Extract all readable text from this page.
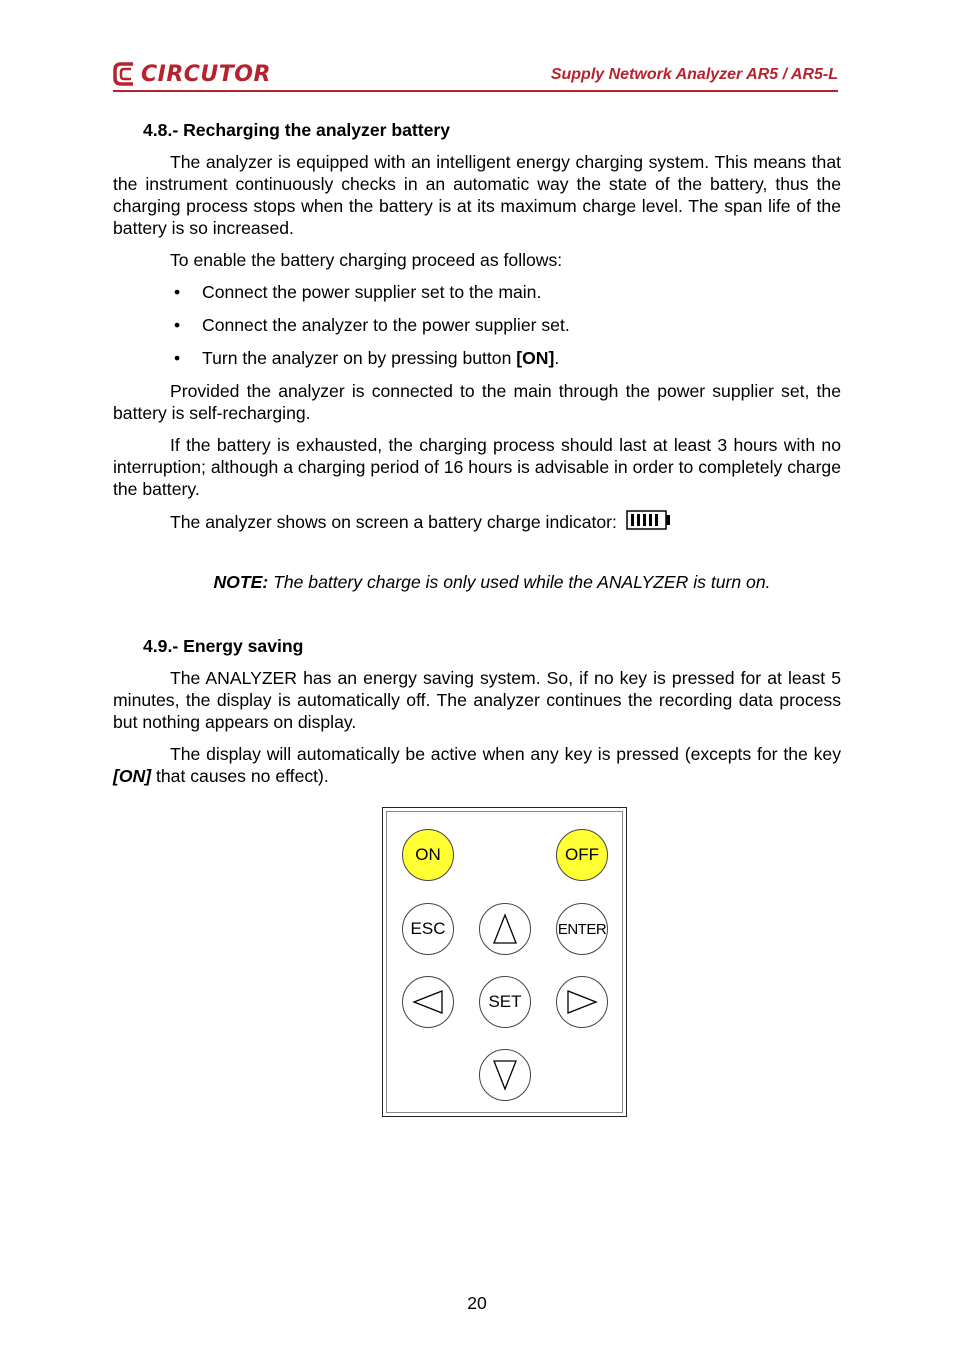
CIRCUTOR	Supply Network Analyzer AR5 / AR5-L
4.8.- Recharging the analyzer battery

The analyzer is equipped with an intelligent energy charging system. This means that the instrument continuously checks in an automatic way the state of the battery, thus the charging process stops when the battery is at its maximum charge level. The span life of the battery is so increased.

To enable the battery charging proceed as follows:

• Connect the power supplier set to the main.
• Connect the analyzer to the power supplier set.
• Turn the analyzer on by pressing button [ON].

Provided the analyzer is connected to the main through the power supplier set, the battery is self-recharging.

If the battery is exhausted, the charging process should last at least 3 hours with no interruption; although a charging period of 16 hours is advisable in order to completely charge the battery.

The analyzer shows on screen a battery charge indicator:

NOTE: The battery charge is only used while the ANALYZER is turn on.

4.9.- Energy saving

The ANALYZER has an energy saving system. So, if no key is pressed for at least 5 minutes, the display is automatically off. The analyzer continues the recording data process but nothing appears on display.

The display will automatically be active when any key is pressed (excepts for the key [ON] that causes no effect).

ON	OFF
ESC	ENTER
SET
20
